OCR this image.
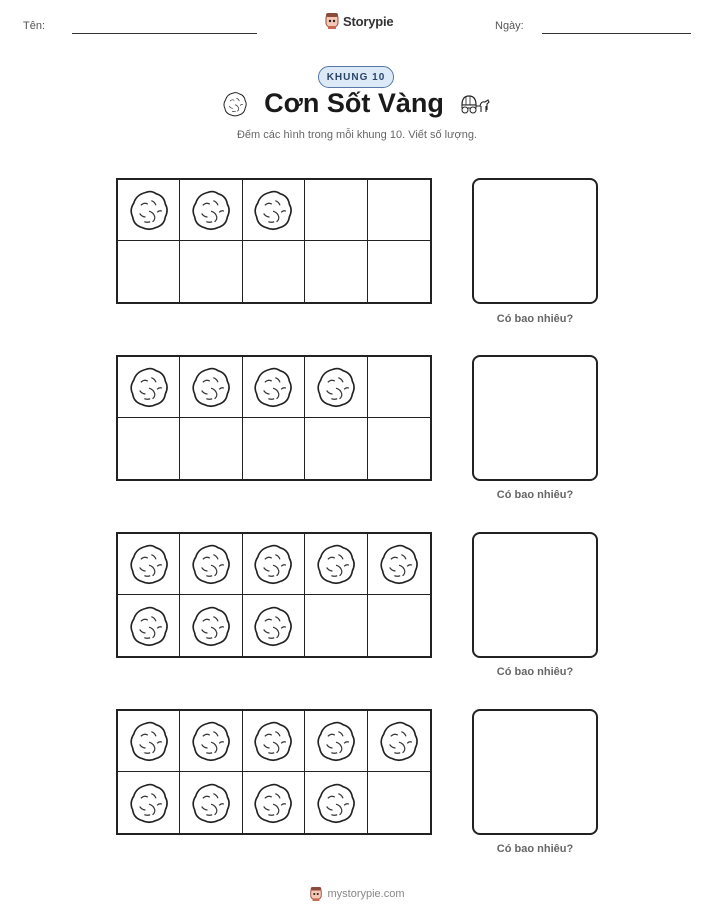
Tên:	Storypie	Ngày:
KHUNG 10
Cơn Sốt Vàng
Đếm các hình trong mỗi khung 10. Viết số lượng.
Có bao nhiêu?
Có bao nhiêu?
Có bao nhiêu?
Có bao nhiêu?
mystorypie.com
